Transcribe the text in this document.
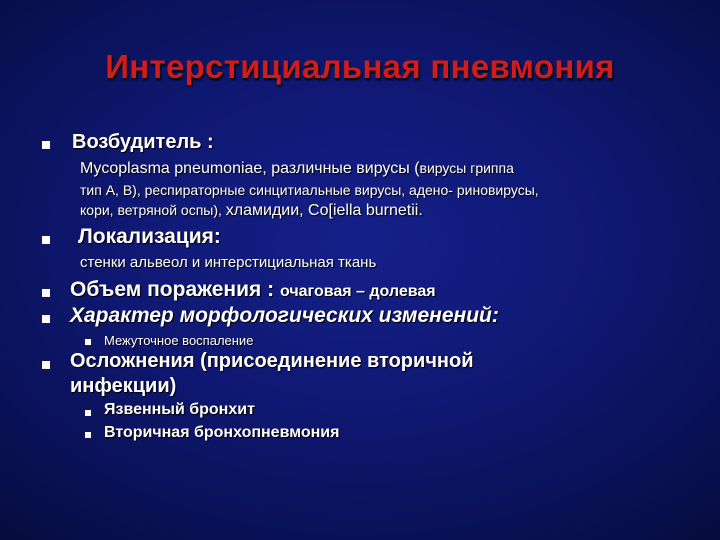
Интерстициальная пневмония
Возбудитель :
Mycoplasma pneumoniae, различные вирусы (вирусы гриппа
тип А, В), респираторные синцитиальные вирусы, адено- риновирусы,
кори, ветряной оспы), хламидии, Co[iella burnetii.
Локализация:
стенки альвеол и интерстициальная ткань
Объем поражения : очаговая – долевая
Характер морфологических изменений:
Межуточное воспаление
Осложнения (присоединение вторичной
инфекции)
Язвенный бронхит
Вторичная бронхопневмония
